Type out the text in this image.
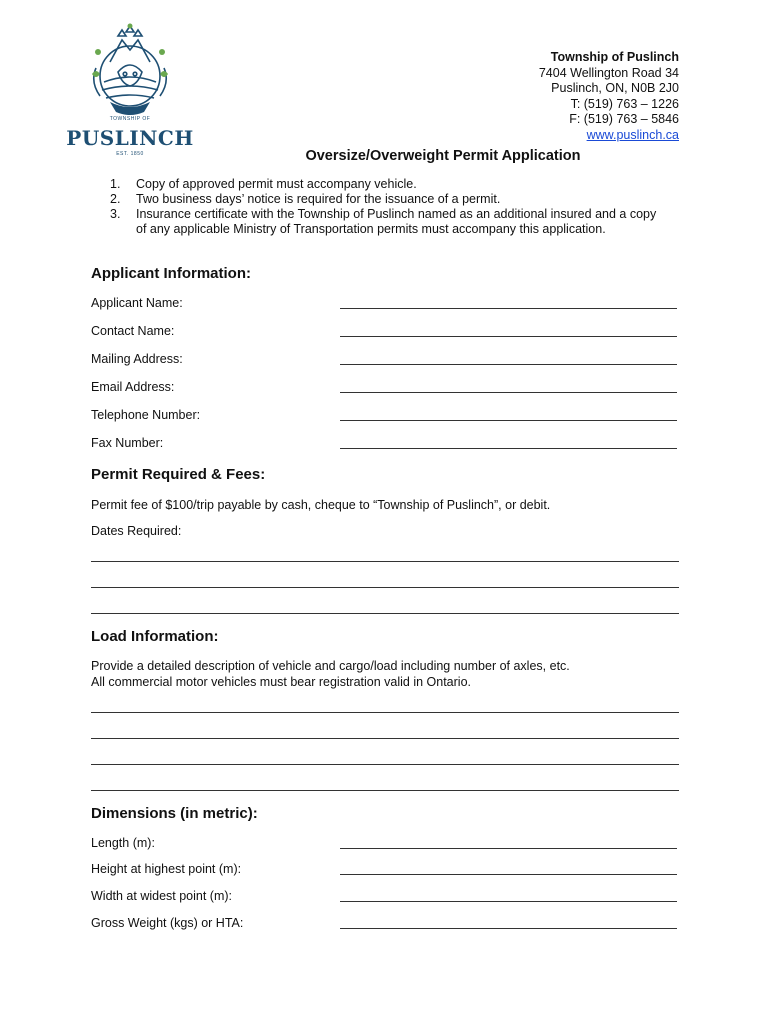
TOWNSHIP OF
PUSLINCH
EST. 1850
Township of Puslinch
7404 Wellington Road 34
Puslinch, ON, N0B 2J0
T: (519) 763 – 1226
F: (519) 763 – 5846
www.puslinch.ca
Oversize/Overweight Permit Application
1. Copy of approved permit must accompany vehicle.
2. Two business days’ notice is required for the issuance of a permit.
3. Insurance certificate with the Township of Puslinch named as an additional insured and a copy of any applicable Ministry of Transportation permits must accompany this application.
Applicant Information:
Applicant Name:
Contact Name:
Mailing Address:
Email Address:
Telephone Number:
Fax Number:
Permit Required & Fees:
Permit fee of $100/trip payable by cash, cheque to “Township of Puslinch”, or debit.
Dates Required:
Load Information:
Provide a detailed description of vehicle and cargo/load including number of axles, etc.
All commercial motor vehicles must bear registration valid in Ontario.
Dimensions (in metric):
Length (m):
Height at highest point (m):
Width at widest point (m):
Gross Weight (kgs) or HTA:
